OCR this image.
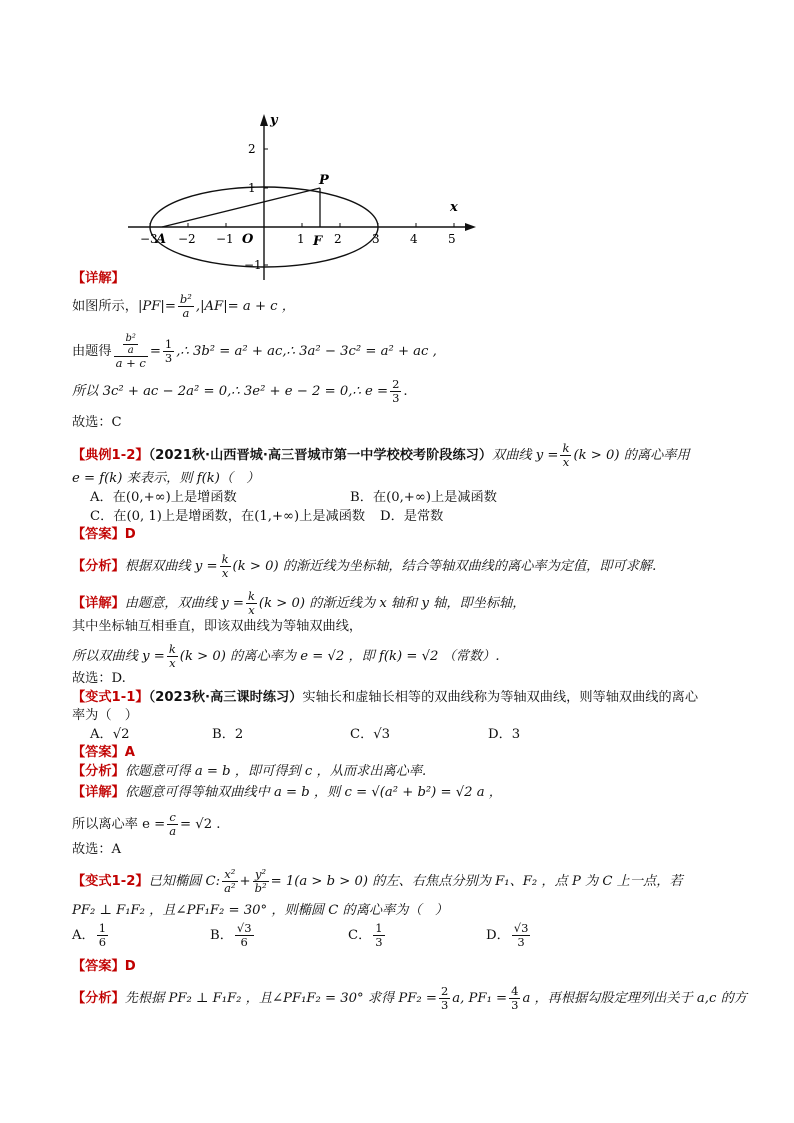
−3 −2 −1	1 2	3	4	5
2
1
−1
x
y
O
A
P
F
【详解】
如图所示，$|PF|= \frac{\text{b²}}{a} ,|AF|= a + c$ ，
由题得 $\frac{\frac{\text{b²}}{a}}{a + c} = \frac{1}{3}$ ,∴ 3b² = a² + ac,∴ 3a² − 3c² = a² + ac ,
所以 3c² + ac − 2a² = 0,∴ 3e² + e − 2 = 0,∴ $e = \frac{2}{3}$ .
故选：C
【典例1-2】（2021秋·山西晋城·高三晋城市第一中学校校考阶段练习）双曲线 $y = \frac{k}{x} (k > 0)$ 的离心率用
e = f(k) 来表示，则 f(k)（　）
A．在(0,+∞)上是增函数	B．在(0,+∞)上是减函数
C．在(0, 1)上是增函数，在(1,+∞)上是减函数 D．是常数
【答案】D
【分析】根据双曲线 $y = \frac{k}{x} (k > 0)$ 的渐近线为坐标轴，结合等轴双曲线的离心率为定值，即可求解.
【详解】由题意，双曲线 $y = \frac{k}{x} (k > 0)$ 的渐近线为 x 轴和 y 轴，即坐标轴，
其中坐标轴互相垂直，即该双曲线为等轴双曲线，
所以双曲线 $y = \frac{k}{x} (k > 0)$ 的离心率为 e = √2 ，即 f(k) = √2 （常数）.
故选：D.
【变式1-1】（2023秋·高三课时练习）实轴长和虚轴长相等的双曲线称为等轴双曲线，则等轴双曲线的离心
率为（　）
A．√2	B．2	C．√3	D．3
【答案】A
【分析】依题意可得 a = b ，即可得到 c ，从而求出离心率.
【详解】依题意可得等轴双曲线中 a = b ，则 c = √(a² + b²) = √2 a ，
所以离心率 $e = \frac{c}{a} = √2$ .
故选：A
【变式1-2】已知椭圆 C: $\frac{\text{x²}}{\text{a²}} + \frac{\text{y²}}{\text{b²}} = 1(a > b > 0)$ 的左、右焦点分别为 F₁、F₂ ，点 P 为 C 上一点，若
PF₂ ⊥ F₁F₂ ，且∠PF₁F₂ = 30° ，则椭圆 C 的离心率为（　）
A． $\frac{1}{6}$	B． $\frac{√3}{6}$	C． $\frac{1}{3}$	D． $\frac{√3}{3}$
【答案】D
【分析】先根据 PF₂ ⊥ F₁F₂ ，且∠PF₁F₂ = 30° 求得 $PF_2 = \frac{2}{3} a$, $PF_1 = \frac{4}{3}$ a ，再根据勾股定理列出关于 a,c 的方
